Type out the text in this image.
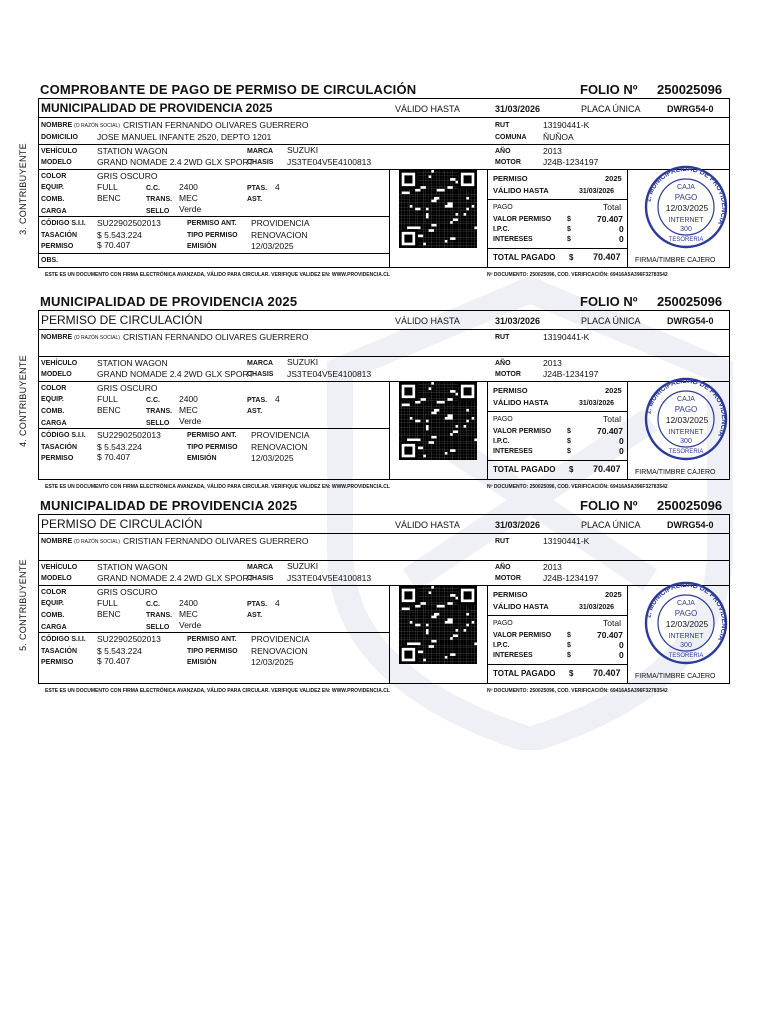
3. CONTRIBUYENTE
COMPROBANTE DE PAGO DE PERMISO DE CIRCULACIÓN	FOLIO Nº 250025096
MUNICIPALIDAD DE PROVIDENCIA 2025	VÁLIDO HASTA	31/03/2026	PLACA ÚNICA	DWRG54-0
NOMBRE (O RAZÓN SOCIAL) CRISTIAN FERNANDO OLIVARES GUERRERO	RUT	13190441-K
DOMICILIO JOSE MANUEL INFANTE 2520, DEPTO 1201	COMUNA ÑUÑOA
VEHÍCULO STATION WAGON	MARCA SUZUKI	AÑO	2013
MODELO	GRAND NOMADE 2.4 2WD GLX SPORT
CHASIS JS3TE04V5E4100813	MOTOR	J24B-1234197
COLOR	GRIS OSCURO
EQUIP.	FULL	C.C. 2400	PTAS. 4
COMB.	BENC	TRANS. MEC	AST.
CARGA	SELLO Verde
CÓDIGO S.I.I. SU22902502013	PERMISO ANT. PROVIDENCIA
TASACIÓN $ 5.543.224	TIPO PERMISO RENOVACION
PERMISO	$ 70.407	EMISIÓN	12/03/2025
OBS.
PERMISO	2025
VÁLIDO HASTA	31/03/2026
PAGO	Total
VALOR PERMISO $	70.407
I.P.C.	$	0
INTERESES	$	0
TOTAL PAGADO $ 70.407
1. MUNICIPALIDAD DE PROVIDENCIA
CAJA
PAGO
12/03/2025
INTERNET
300
TESORERIA
FIRMA/TIMBRE CAJERO
ESTE ES UN DOCUMENTO CON FIRMA ELECTRÓNICA AVANZADA, VÁLIDO PARA CIRCULAR. VERIFIQUE VALIDEZ EN: WWW.PROVIDENCIA.CL	Nº DOCUMENTO: 250025096, COD. VERIFICACIÓN: 69416A5A396F32783542
4. CONTRIBUYENTE
MUNICIPALIDAD DE PROVIDENCIA 2025	FOLIO Nº 250025096
PERMISO DE CIRCULACIÓN	VÁLIDO HASTA	31/03/2026	PLACA ÚNICA	DWRG54-0
NOMBRE (O RAZÓN SOCIAL) CRISTIAN FERNANDO OLIVARES GUERRERO	RUT	13190441-K
VEHÍCULO STATION WAGON	MARCA SUZUKI	AÑO	2013
MODELO	GRAND NOMADE 2.4 2WD GLX SPORT
CHASIS JS3TE04V5E4100813	MOTOR	J24B-1234197
COLOR	GRIS OSCURO
EQUIP.	FULL	C.C. 2400	PTAS. 4
COMB.	BENC	TRANS. MEC	AST.
CARGA	SELLO Verde
CÓDIGO S.I.I. SU22902502013	PERMISO ANT. PROVIDENCIA
TASACIÓN $ 5.543.224	TIPO PERMISO RENOVACION
PERMISO	$ 70.407	EMISIÓN	12/03/2025
PERMISO	2025
VÁLIDO HASTA	31/03/2026
PAGO	Total
VALOR PERMISO $	70.407
I.P.C.	$	0
INTERESES	$	0
TOTAL PAGADO $ 70.407
1. MUNICIPALIDAD DE PROVIDENCIA
CAJA
PAGO
12/03/2025
INTERNET
300
TESORERIA
FIRMA/TIMBRE CAJERO
ESTE ES UN DOCUMENTO CON FIRMA ELECTRÓNICA AVANZADA, VÁLIDO PARA CIRCULAR. VERIFIQUE VALIDEZ EN: WWW.PROVIDENCIA.CL	Nº DOCUMENTO: 250025096, COD. VERIFICACIÓN: 69416A5A396F32783542
5. CONTRIBUYENTE
MUNICIPALIDAD DE PROVIDENCIA 2025	FOLIO Nº 250025096
PERMISO DE CIRCULACIÓN	VÁLIDO HASTA	31/03/2026	PLACA ÚNICA	DWRG54-0
NOMBRE (O RAZÓN SOCIAL) CRISTIAN FERNANDO OLIVARES GUERRERO	RUT	13190441-K
VEHÍCULO STATION WAGON	MARCA SUZUKI	AÑO	2013
MODELO	GRAND NOMADE 2.4 2WD GLX SPORT
CHASIS JS3TE04V5E4100813	MOTOR	J24B-1234197
COLOR	GRIS OSCURO
EQUIP.	FULL	C.C. 2400	PTAS. 4
COMB.	BENC	TRANS. MEC	AST.
CARGA	SELLO Verde
CÓDIGO S.I.I. SU22902502013	PERMISO ANT. PROVIDENCIA
TASACIÓN $ 5.543.224	TIPO PERMISO RENOVACION
PERMISO	$ 70.407	EMISIÓN	12/03/2025
PERMISO	2025
VÁLIDO HASTA	31/03/2026
PAGO	Total
VALOR PERMISO $	70.407
I.P.C.	$	0
INTERESES	$	0
TOTAL PAGADO $ 70.407
1. MUNICIPALIDAD DE PROVIDENCIA
CAJA
PAGO
12/03/2025
INTERNET
300
TESORERIA
FIRMA/TIMBRE CAJERO
ESTE ES UN DOCUMENTO CON FIRMA ELECTRÓNICA AVANZADA, VÁLIDO PARA CIRCULAR. VERIFIQUE VALIDEZ EN: WWW.PROVIDENCIA.CL	Nº DOCUMENTO: 250025096, COD. VERIFICACIÓN: 69416A5A396F32783542
